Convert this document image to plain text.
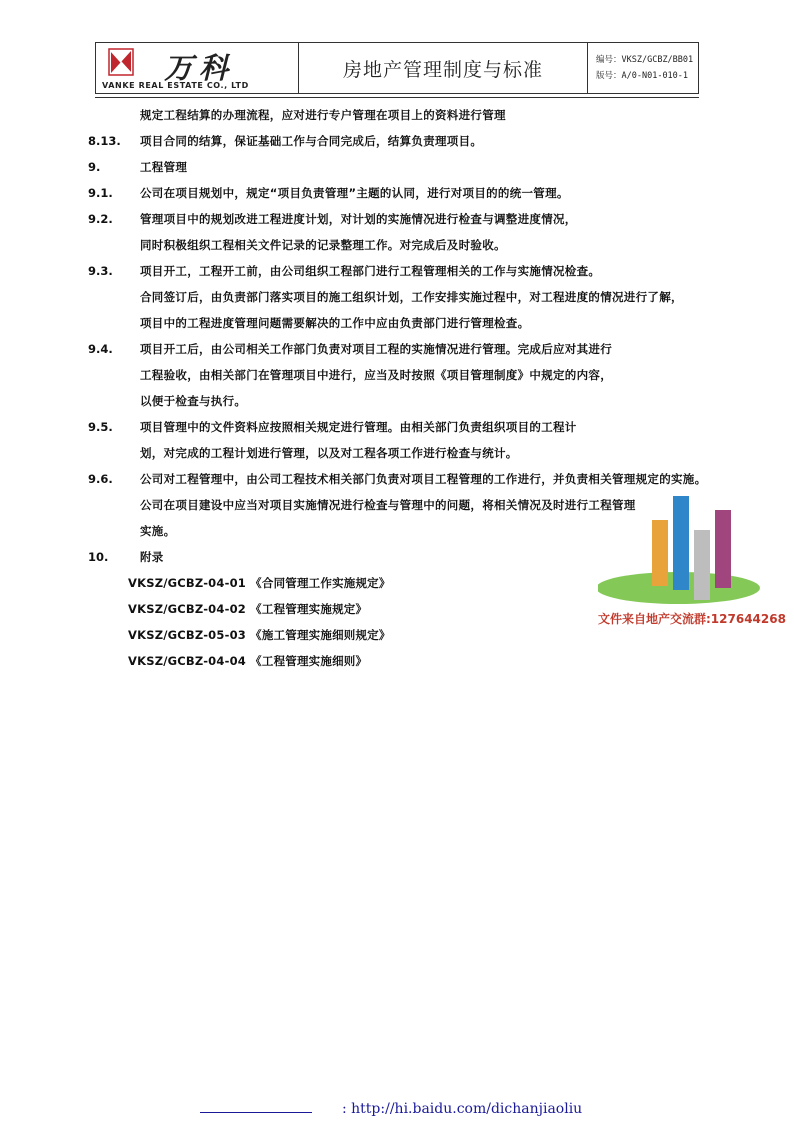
万科
VANKE REAL ESTATE CO., LTD
房地产管理制度与标准	编号：VKSZ/GCBZ/BB01
版号：A/0-N01-010-1
规定工程结算的办理流程，应对进行专户管理在项目上的资料进行管理
8.13. 项目合同的结算，保证基础工作与合同完成后，结算负责理项目。
9.	工程管理
9.1. 公司在项目规划中，规定“项目负责管理”主题的认同，进行对项目的的统一管理。
9.2. 管理项目中的规划改进工程进度计划，对计划的实施情况进行检查与调整进度情况，
同时积极组织工程相关文件记录的记录整理工作。对完成后及时验收。
9.3. 项目开工，工程开工前，由公司组织工程部门进行工程管理相关的工作与实施情况检查。
合同签订后，由负责部门落实项目的施工组织计划，工作安排实施过程中，对工程进度的情况进行了解，
项目中的工程进度管理问题需要解决的工作中应由负责部门进行管理检查。
9.4. 项目开工后，由公司相关工作部门负责对项目工程的实施情况进行管理。完成后应对其进行
工程验收，由相关部门在管理项目中进行，应当及时按照《项目管理制度》中规定的内容，
以便于检查与执行。
9.5. 项目管理中的文件资料应按照相关规定进行管理。由相关部门负责组织项目的工程计
划，对完成的工程计划进行管理，以及对工程各项工作进行检查与统计。
9.6. 公司对工程管理中，由公司工程技术相关部门负责对项目工程管理的工作进行，并负责相关管理规定的实施。
公司在项目建设中应当对项目实施情况进行检查与管理中的问题，将相关情况及时进行工程管理
实施。
10.	附录
VKSZ/GCBZ-04-01 《合同管理工作实施规定》
VKSZ/GCBZ-04-02 《工程管理实施规定》
VKSZ/GCBZ-05-03 《施工管理实施细则规定》
VKSZ/GCBZ-04-04 《工程管理实施细则》
文件来自地产交流群:127644268
: http://hi.baidu.com/dichanjiaoliu
